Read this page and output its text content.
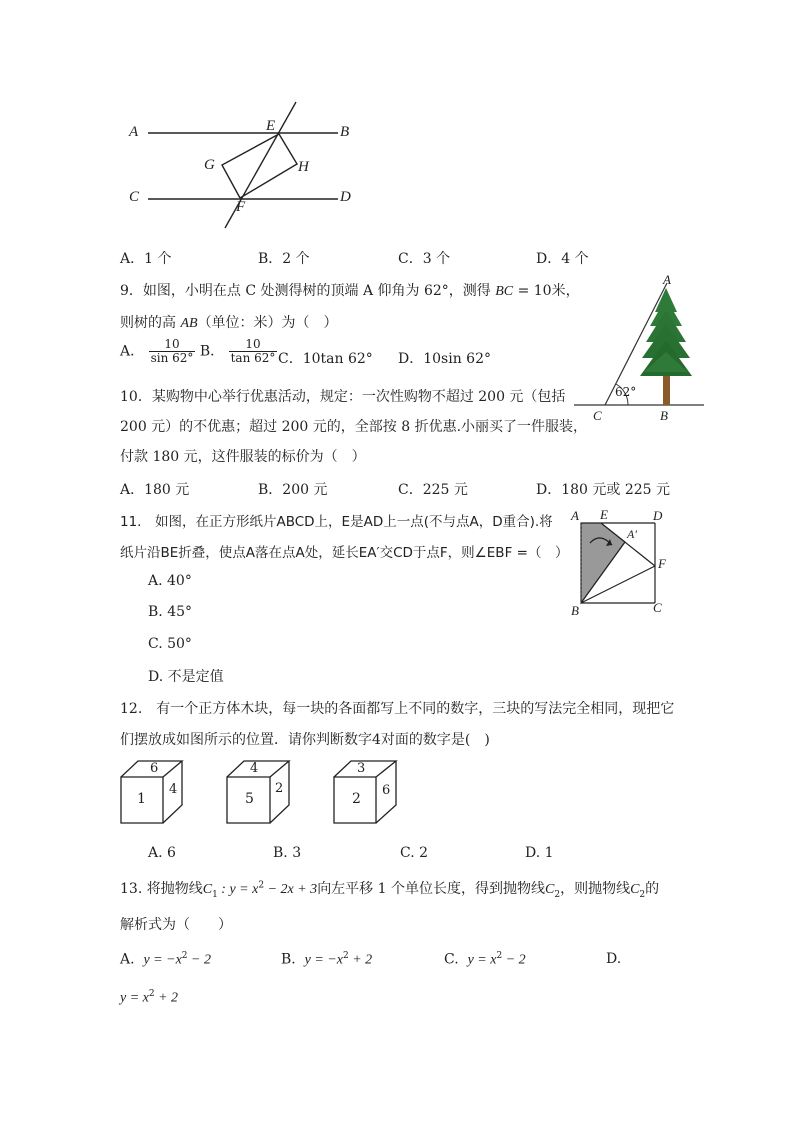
A	B
C	D
E
F
G	H
A．1 个	B．2 个	C．3 个	D．4 个
9．如图，小明在点 C 处测得树的顶端 A 仰角为 62°，测得 BC = 10米，
则树的高 AB（单位：米）为（　）
A． $\frac{10}{\sin 62^\circ}$ B． $\frac{10}{\tan 62^\circ}$ C．10tan 62° D．10sin 62°
A
C	B
62°
10．某购物中心举行优惠活动，规定：一次性购物不超过 200 元（包括
200 元）的不优惠；超过 200 元的，全部按 8 折优惠.小丽买了一件服装，
付款 180 元，这件服装的标价为（　）
A．180 元	B．200 元	C．225 元	D．180 元或 225 元
11.　如图，在正方形纸片ABCD上，E是AD上一点(不与点A，D重合).将
纸片沿BE折叠，使点A落在点A处，延长EA′交CD于点F，则∠EBF =（　）
A. 40°
B. 45°
C. 50°
D. 不是定值
A E	D
A′
F
B	C
12.　有一个正方体木块，每一块的各面都写上不同的数字，三块的写法完全相同，现把它
们摆放成如图所示的位置．请你判断数字4对面的数字是(　)
6
1
4
4
5
2
3
2
6
A. 6	B. 3	C. 2	D. 1
13. 将抛物线$C_1$ : $y = x^2 - 2x + 3$向左平移 1 个单位长度，得到抛物线$C_2$，则抛物线$C_2$的
解析式为（　　）
A. $y = -x^2 - 2$	B. $y = -x^2 + 2$	C. $y = x^2 - 2$	D.
$y = x^2 + 2$
